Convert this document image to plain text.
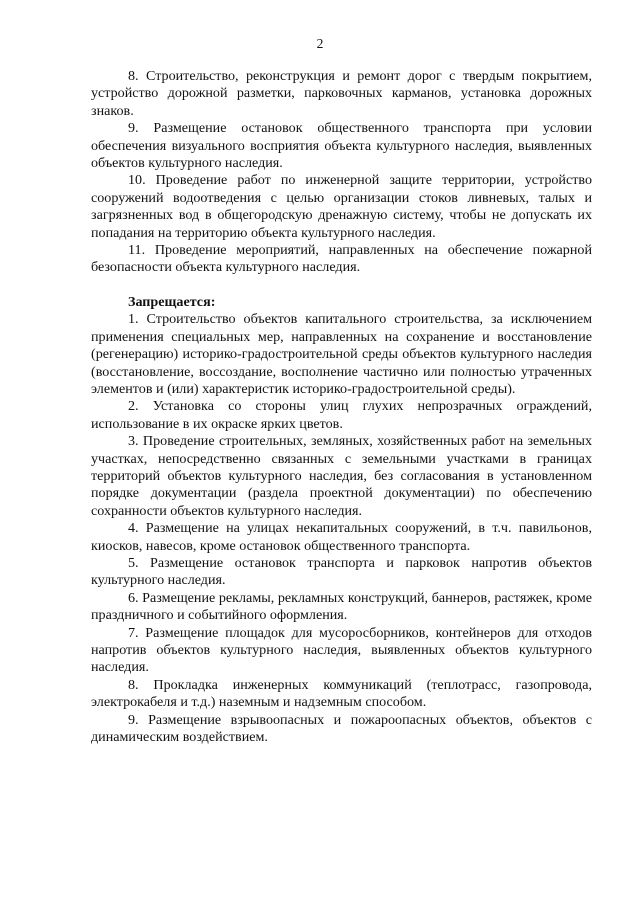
2

8. Строительство, реконструкция и ремонт дорог с твердым покрытием, устройство дорожной разметки, парковочных карманов, установка дорожных знаков.

9. Размещение остановок общественного транспорта при условии обеспечения визуального восприятия объекта культурного наследия, выявленных объектов культурного наследия.

10. Проведение работ по инженерной защите территории, устройство сооружений водоотведения с целью организации стоков ливневых, талых и загрязненных вод в общегородскую дренажную систему, чтобы не допускать их попадания на территорию объекта культурного наследия.

11. Проведение мероприятий, направленных на обеспечение пожарной безопасности объекта культурного наследия.

Запрещается:

1. Строительство объектов капитального строительства, за исключением применения специальных мер, направленных на сохранение и восстановление (регенерацию) историко-градостроительной среды объектов культурного наследия (восстановление, воссоздание, восполнение частично или полностью утраченных элементов и (или) характеристик историко-градостроительной среды).

2. Установка со стороны улиц глухих непрозрачных ограждений, использование в их окраске ярких цветов.

3. Проведение строительных, земляных, хозяйственных работ на земельных участках, непосредственно связанных с земельными участками в границах территорий объектов культурного наследия, без согласования в установленном порядке документации (раздела проектной документации) по обеспечению сохранности объектов культурного наследия.

4. Размещение на улицах некапитальных сооружений, в т.ч. павильонов, киосков, навесов, кроме остановок общественного транспорта.

5. Размещение остановок транспорта и парковок напротив объектов культурного наследия.

6. Размещение рекламы, рекламных конструкций, баннеров, растяжек, кроме праздничного и событийного оформления.

7. Размещение площадок для мусоросборников, контейнеров для отходов напротив объектов культурного наследия, выявленных объектов культурного наследия.

8. Прокладка инженерных коммуникаций (теплотрасс, газопровода, электрокабеля и т.д.) наземным и надземным способом.

9. Размещение взрывоопасных и пожароопасных объектов, объектов с динамическим воздействием.
